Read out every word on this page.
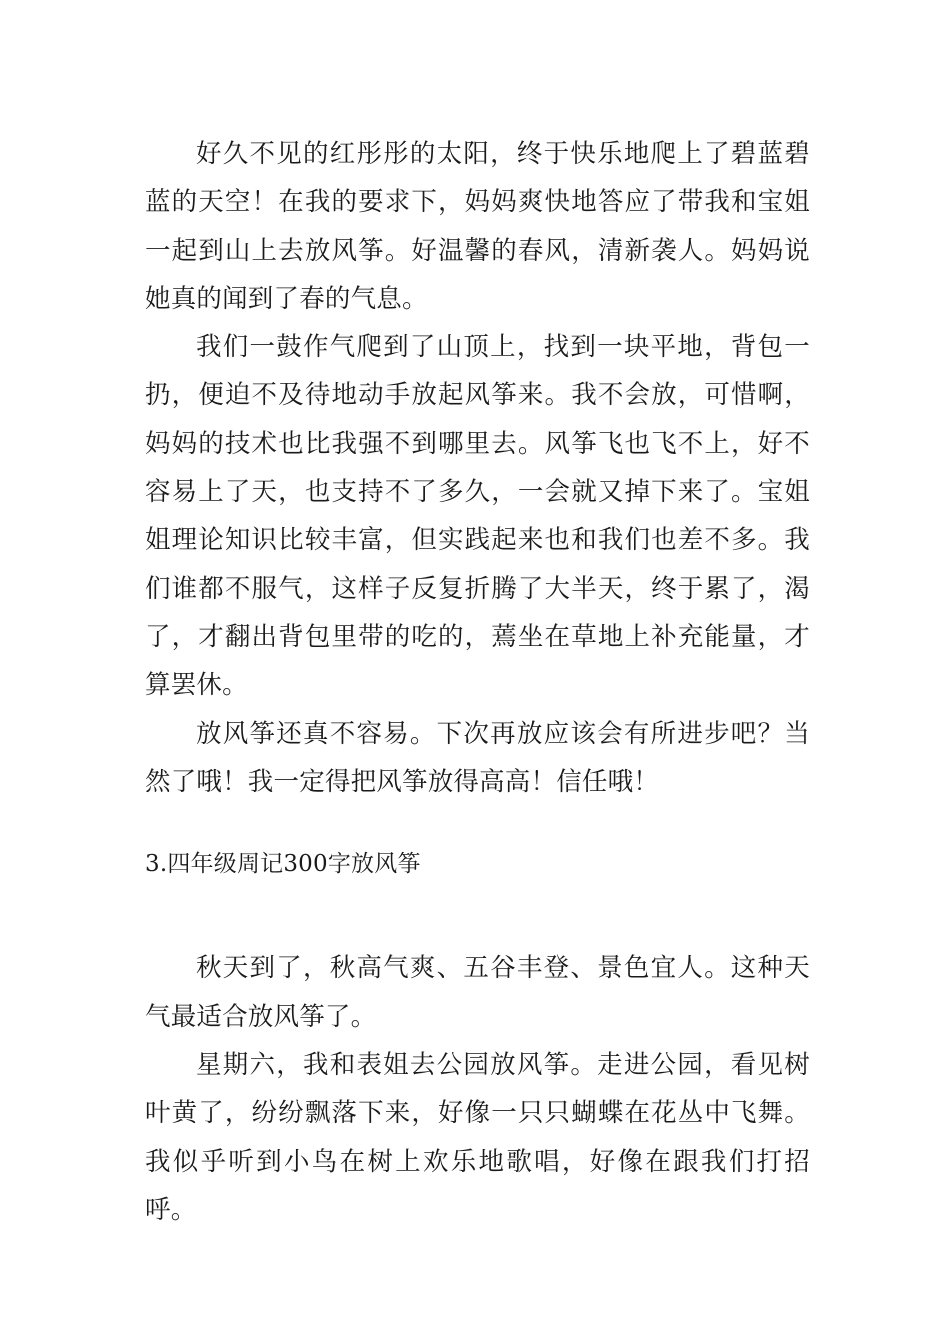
好久不见的红彤彤的太阳，终于快乐地爬上了碧蓝碧蓝的天空！在我的要求下，妈妈爽快地答应了带我和宝姐一起到山上去放风筝。好温馨的春风，清新袭人。妈妈说她真的闻到了春的气息。

我们一鼓作气爬到了山顶上，找到一块平地，背包一扔，便迫不及待地动手放起风筝来。我不会放，可惜啊，妈妈的技术也比我强不到哪里去。风筝飞也飞不上，好不容易上了天，也支持不了多久，一会就又掉下来了。宝姐姐理论知识比较丰富，但实践起来也和我们也差不多。我们谁都不服气，这样子反复折腾了大半天，终于累了，渴了，才翻出背包里带的吃的，蔫坐在草地上补充能量，才算罢休。

放风筝还真不容易。下次再放应该会有所进步吧？当然了哦！我一定得把风筝放得高高！信任哦！

3.四年级周记300字放风筝

秋天到了，秋高气爽、五谷丰登、景色宜人。这种天气最适合放风筝了。

星期六，我和表姐去公园放风筝。走进公园，看见树叶黄了，纷纷飘落下来，好像一只只蝴蝶在花丛中飞舞。我似乎听到小鸟在树上欢乐地歌唱，好像在跟我们打招呼。
